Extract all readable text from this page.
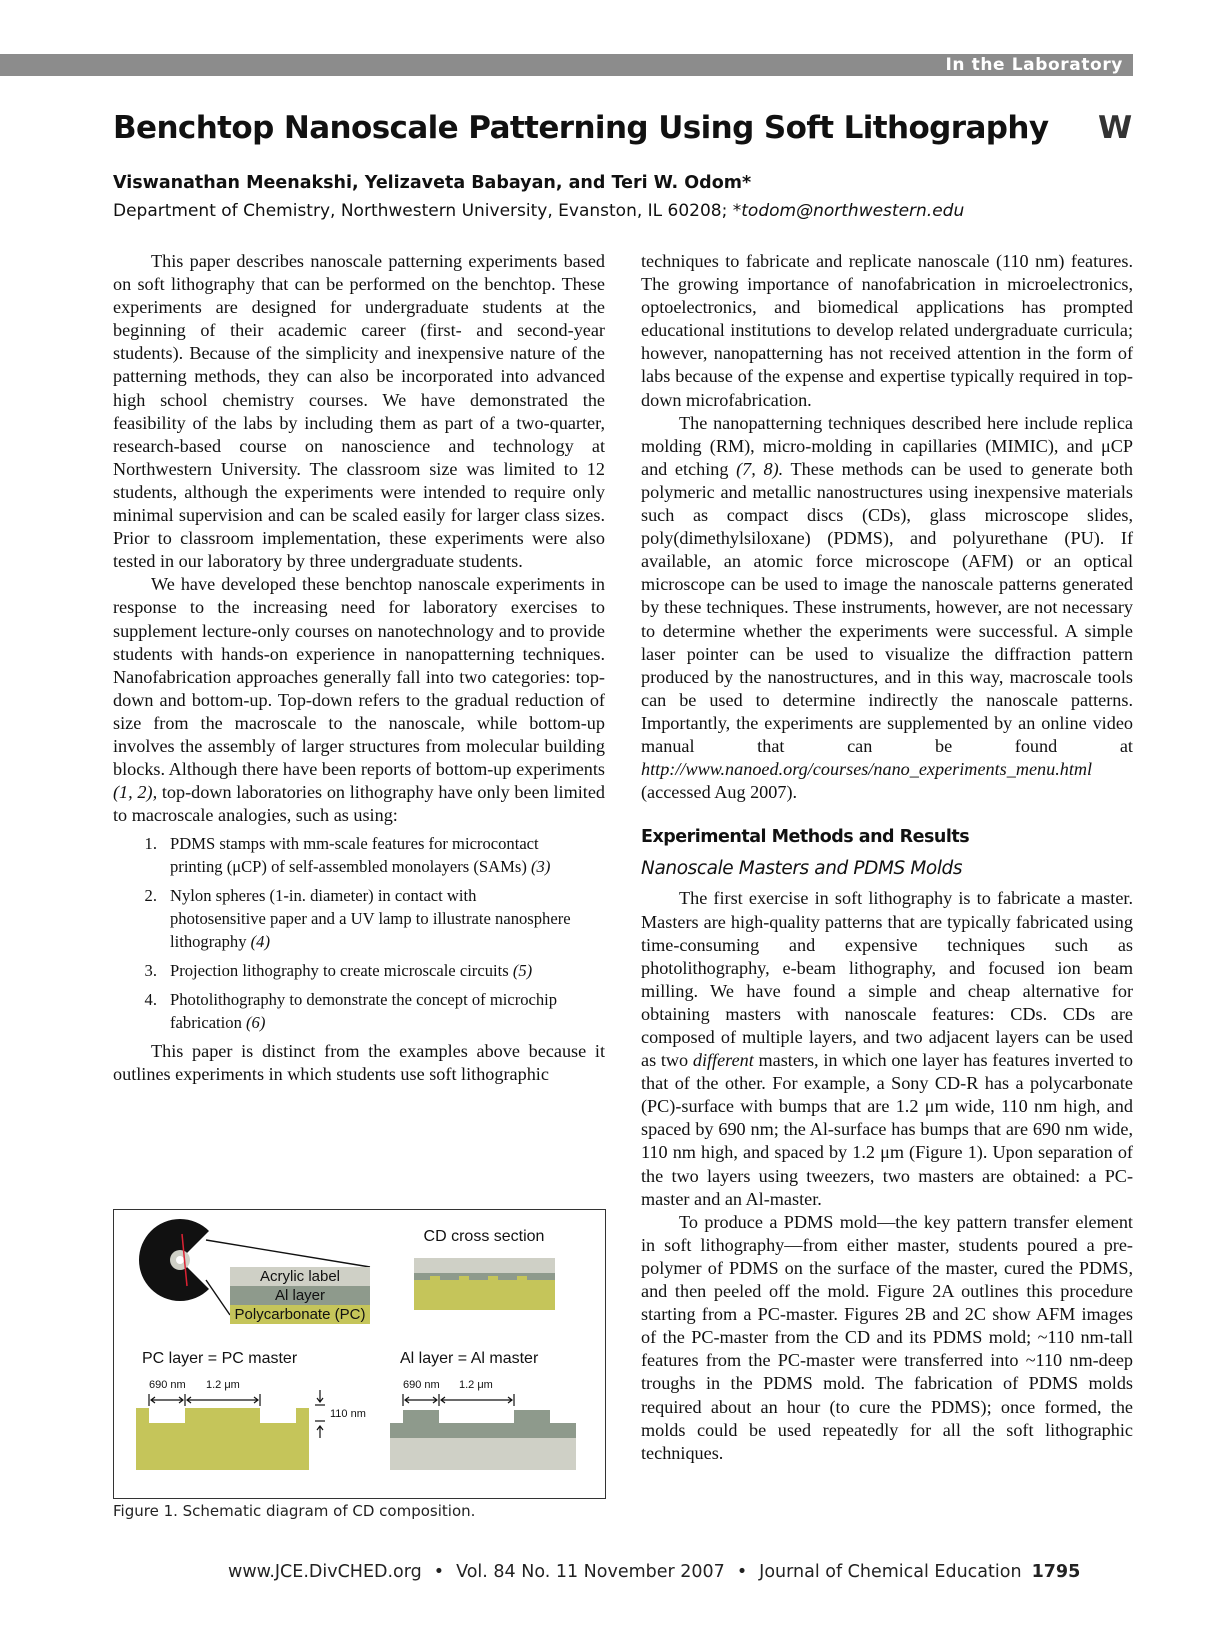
In the Laboratory
Benchtop Nanoscale Patterning Using Soft Lithography W
Viswanathan Meenakshi, Yelizaveta Babayan, and Teri W. Odom*
Department of Chemistry, Northwestern University, Evanston, IL 60208; *todom@northwestern.edu

This paper describes nanoscale patterning experiments based on soft lithography that can be performed on the benchtop. These experiments are designed for undergraduate students at the beginning of their academic career (first- and second-year students). Because of the simplicity and inexpensive nature of the patterning methods, they can also be incorporated into advanced high school chemistry courses. We have demonstrated the feasibility of the labs by including them as part of a two-quarter, research-based course on nanoscience and technology at Northwestern University. The classroom size was limited to 12 students, although the experiments were intended to require only minimal supervision and can be scaled easily for larger class sizes. Prior to classroom implementation, these experiments were also tested in our laboratory by three undergraduate students.

We have developed these benchtop nanoscale experiments in response to the increasing need for laboratory exercises to supplement lecture-only courses on nanotechnology and to provide students with hands-on experience in nanopatterning techniques. Nanofabrication approaches generally fall into two categories: top-down and bottom-up. Top-down refers to the gradual reduction of size from the macroscale to the nanoscale, while bottom-up involves the assembly of larger structures from molecular building blocks. Although there have been reports of bottom-up experiments (1, 2), top-down laboratories on lithography have only been limited to macroscale analogies, such as using:

1. PDMS stamps with mm-scale features for microcontact printing (μCP) of self-assembled monolayers (SAMs) (3)
2. Nylon spheres (1-in. diameter) in contact with photosensitive paper and a UV lamp to illustrate nanosphere lithography (4)
3. Projection lithography to create microscale circuits (5)
4. Photolithography to demonstrate the concept of microchip fabrication (6)

This paper is distinct from the examples above because it outlines experiments in which students use soft lithographic

Acrylic label
Al layer
Polycarbonate (PC)
CD cross section
PC layer = PC master
690 nm 1.2 μm
110 nm
Al layer = Al master
690 nm 1.2 μm
Figure 1. Schematic diagram of CD composition.

techniques to fabricate and replicate nanoscale (110 nm) features. The growing importance of nanofabrication in microelectronics, optoelectronics, and biomedical applications has prompted educational institutions to develop related undergraduate curricula; however, nanopatterning has not received attention in the form of labs because of the expense and expertise typically required in top-down microfabrication.

The nanopatterning techniques described here include replica molding (RM), micro-molding in capillaries (MIMIC), and μCP and etching (7, 8). These methods can be used to generate both polymeric and metallic nanostructures using inexpensive materials such as compact discs (CDs), glass microscope slides, poly(dimethylsiloxane) (PDMS), and polyurethane (PU). If available, an atomic force microscope (AFM) or an optical microscope can be used to image the nanoscale patterns generated by these techniques. These instruments, however, are not necessary to determine whether the experiments were successful. A simple laser pointer can be used to visualize the diffraction pattern produced by the nanostructures, and in this way, macroscale tools can be used to determine indirectly the nanoscale patterns. Importantly, the experiments are supplemented by an online video manual that can be found at http://www.nanoed.org/courses/nano_experiments_menu.html (accessed Aug 2007).

Experimental Methods and Results
Nanoscale Masters and PDMS Molds

The first exercise in soft lithography is to fabricate a master. Masters are high-quality patterns that are typically fabricated using time-consuming and expensive techniques such as photolithography, e-beam lithography, and focused ion beam milling. We have found a simple and cheap alternative for obtaining masters with nanoscale features: CDs. CDs are composed of multiple layers, and two adjacent layers can be used as two different masters, in which one layer has features inverted to that of the other. For example, a Sony CD-R has a polycarbonate (PC)-surface with bumps that are 1.2 μm wide, 110 nm high, and spaced by 690 nm; the Al-surface has bumps that are 690 nm wide, 110 nm high, and spaced by 1.2 μm (Figure 1). Upon separation of the two layers using tweezers, two masters are obtained: a PC-master and an Al-master.

To produce a PDMS mold—the key pattern transfer element in soft lithography—from either master, students poured a pre-polymer of PDMS on the surface of the master, cured the PDMS, and then peeled off the mold. Figure 2A outlines this procedure starting from a PC-master. Figures 2B and 2C show AFM images of the PC-master from the CD and its PDMS mold; ~110 nm-tall features from the PC-master were transferred into ~110 nm-deep troughs in the PDMS mold. The fabrication of PDMS molds required about an hour (to cure the PDMS); once formed, the molds could be used repeatedly for all the soft lithographic techniques.

www.JCE.DivCHED.org • Vol. 84 No. 11 November 2007 • Journal of Chemical Education 1795
